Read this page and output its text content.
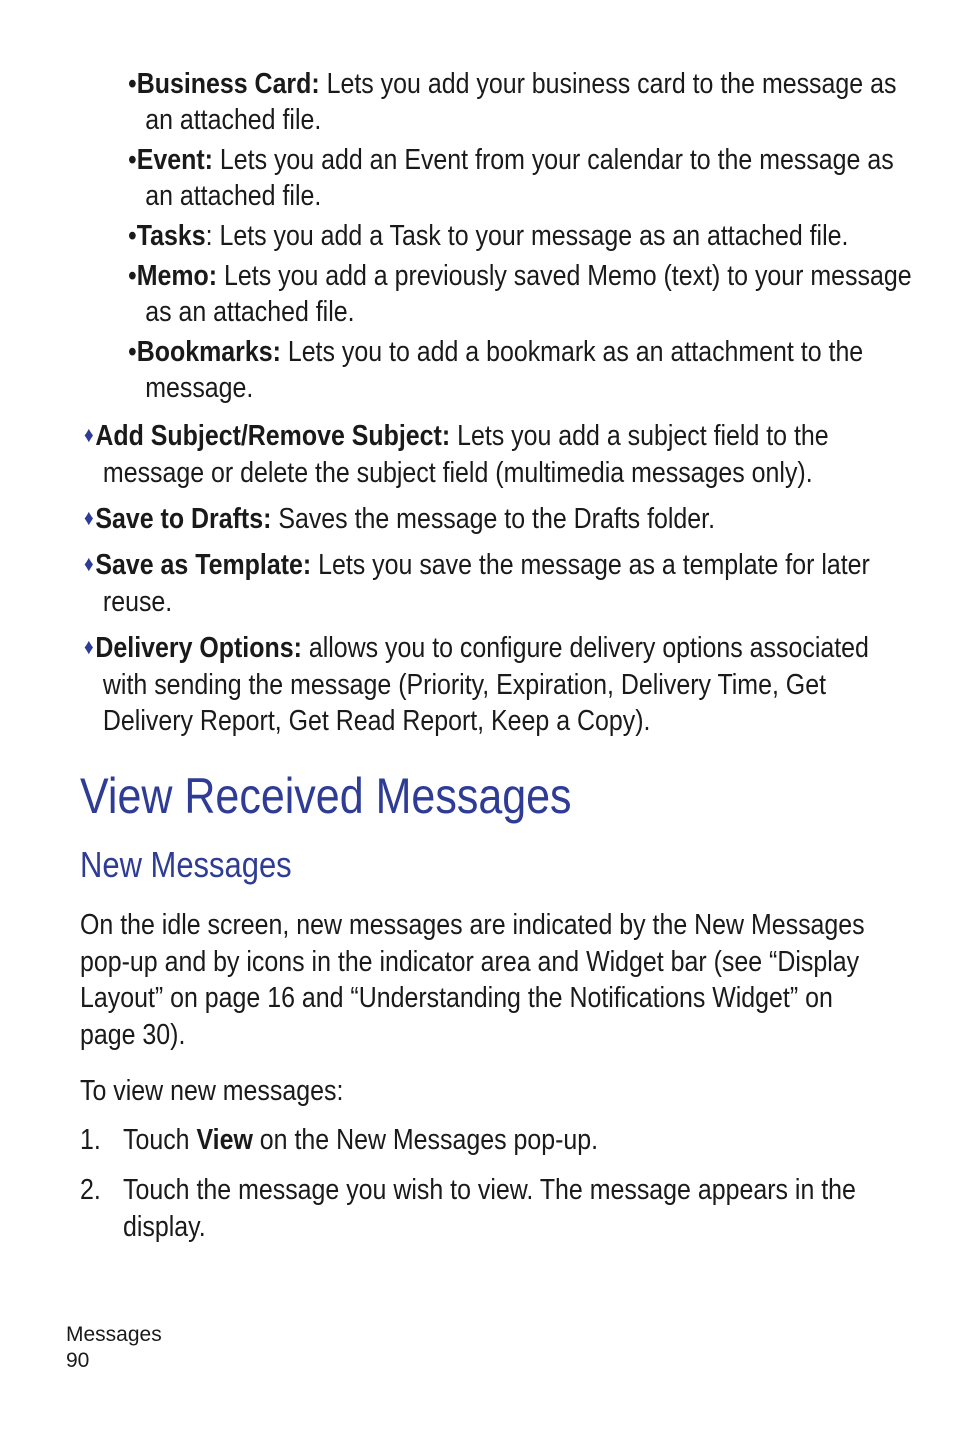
•Business Card: Lets you add your business card to the message as
an attached file.
•Event: Lets you add an Event from your calendar to the message as
an attached file.
•Tasks: Lets you add a Task to your message as an attached file.
•Memo: Lets you add a previously saved Memo (text) to your message
as an attached file.
•Bookmarks: Lets you to add a bookmark as an attachment to the
message.
♦Add Subject/Remove Subject: Lets you add a subject field to the
message or delete the subject field (multimedia messages only).
♦Save to Drafts: Saves the message to the Drafts folder.
♦Save as Template: Lets you save the message as a template for later
reuse.
♦Delivery Options: allows you to configure delivery options associated
with sending the message (Priority, Expiration, Delivery Time, Get
Delivery Report, Get Read Report, Keep a Copy).
View Received Messages
New Messages
On the idle screen, new messages are indicated by the New Messages
pop-up and by icons in the indicator area and Widget bar (see “Display
Layout” on page 16 and “Understanding the Notifications Widget” on
page 30).
To view new messages:
1. Touch View on the New Messages pop-up.
2. Touch the message you wish to view. The message appears in the
display.
Messages
90
